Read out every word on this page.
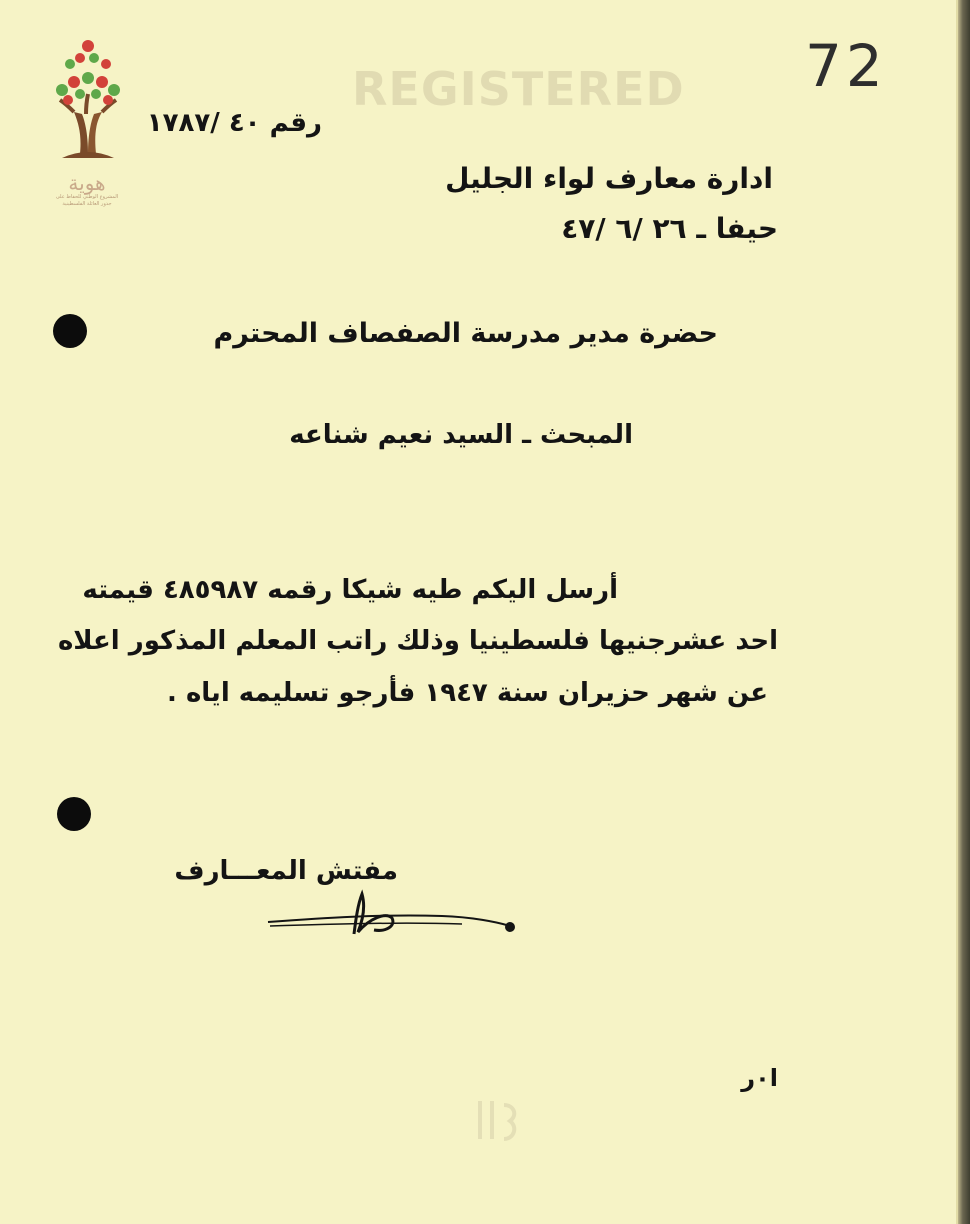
هوية
المشروع الوطني للحفاظ على
جذور العائلة الفلسطينية
REGISTERED 72
رقم ٤٠ /١٧٨٧
ادارة معارف لواء الجليل
حيفا ـ ٢٦ /٦ /٤٧
حضرة مدير مدرسة الصفصاف المحترم
المبحث ـ السيد نعيم شناعه
أرسل اليكم طيه شيكا رقمه ٤٨٥٩٨٧ قيمته
احد عشرجنيها فلسطينيا وذلك راتب المعلم المذكور اعلاه
عن شهر حزيران سنة ١٩٤٧ فأرجو تسليمه اياه .
مفتش المعـــارف
ا٠ر
